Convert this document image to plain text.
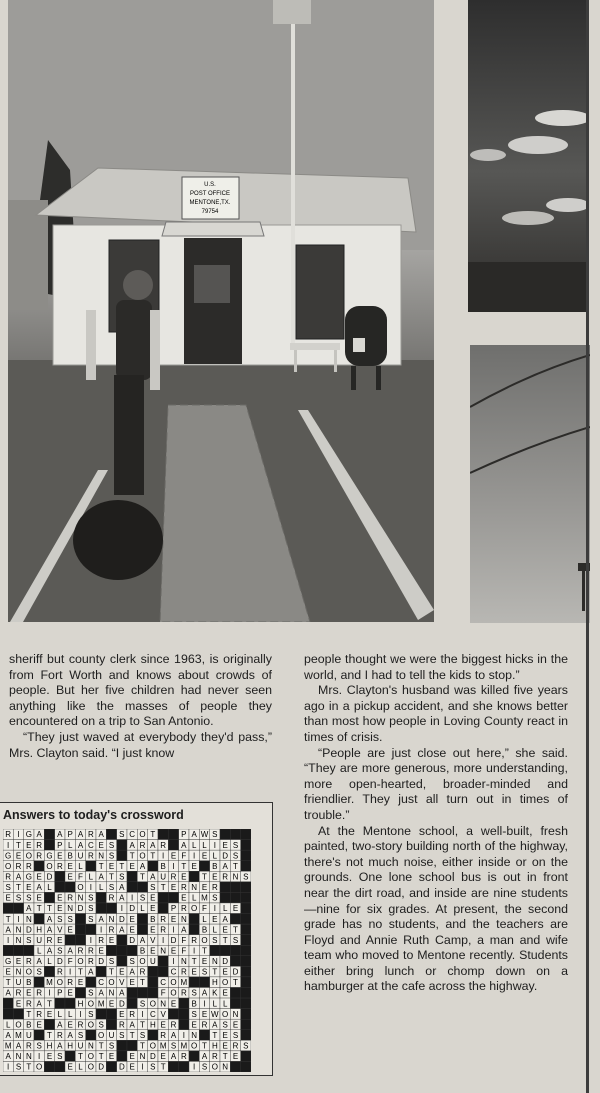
U.S.
POST OFFICE
MENTONE,TX.
79754

sheriff but county clerk since 1963, is originally from Fort Worth and knows about crowds of people. But her five children had never seen anything like the masses of people they encountered on a trip to San Antonio.

“They just waved at everybody they'd pass,” Mrs. Clayton said. “I just know

people thought we were the biggest hicks in the world, and I had to tell the kids to stop.”

Mrs. Clayton's husband was killed five years ago in a pickup accident, and she knows better than most how people in Loving County react in times of crisis.

“People are just close out here,” she said. “They are more generous, more understanding, more open-hearted, broader-minded and friendlier. They just all turn out in times of trouble.”

At the Mentone school, a well-built, fresh painted, two-story building north of the highway, there's not much noise, either inside or on the grounds. One lone school bus is out in front near the dirt road, and inside are nine students—nine for six grades. At present, the second grade has no students, and the teachers are Floyd and Annie Ruth Camp, a man and wife team who moved to Mentone recently. Students either bring lunch or chomp down on a hamburger at the cafe across the highway.

Answers to today's crossword
R I G A A P A R A S C O T	P A W S
I T E R P L A C E S A R A R A L L I E S
G E O R G E B U R N S T O T I E F I E L D S
O R R O R E L T E T E A B I T E B A T
R A G E D E F L A T S T A U R E T E R N S
S T E A L	O I L S A	S T E R N E R
E S S E E R N S R A I S E	E L M S
A T T E N D S	I D L E P R O F I L E
T I N A S S S A N D E B R E N L E A
A N D H A V E	I R A E E R I A B L E T
I N S U R E	I R E D A V I D F R O S T S
L A S A R R E	B E N E F I T
G E R A L D F O R D S S O U I N T E N D
E N O S R I T A T E A R	C R E S T E D
T U B M O R E C O V E T C O M	H O T
A R E R I P E S A N A	F O R S A K E
E R A T	H O M E D S O N E B I L L
T R E L L I S	E R I C V	S E W O N
L O B E A E R O S R A T H E R E R A S E
A M U T R A S O U S T S R A I N T E S
M A R S H A H U N T S	T O M S M O T H E R S
A N N I E S T O T E E N D E A R A R T E
I S T O	E L O D D E I S T	I S O N
